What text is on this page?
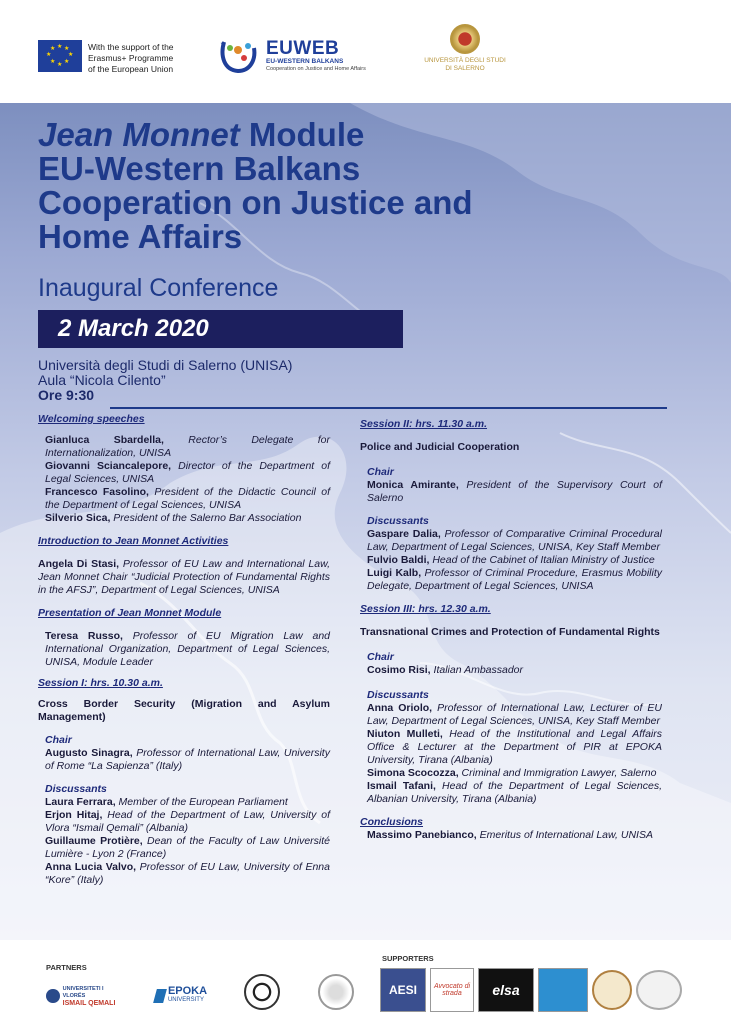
★ ★
★
★
★
★
★
★	With the support of the
Erasmus+ Programme
of the European Union
★ EUWEB
EU-WESTERN BALKANS
Cooperation on Justice and Home Affairs
UNIVERSITÀ DEGLI STUDI
DI SALERNO
Jean Monnet Module
EU-Western Balkans
Cooperation on Justice and
Home Affairs
Inaugural Conference
2 March 2020
Università degli Studi di Salerno (UNISA)
Aula “Nicola Cilento”
Ore 9:30
Welcoming speeches
Gianluca Sbardella, Rector’s Delegate for Internationalization, UNISA
Giovanni Sciancalepore, Director of the Department of Legal Sciences, UNISA
Francesco Fasolino, President of the Didactic Council of the Department of Legal Sciences, UNISA
Silverio Sica, President of the Salerno Bar Association
Introduction to Jean Monnet Activities
Angela Di Stasi, Professor of EU Law and International Law, Jean Monnet Chair “Judicial Protection of Fundamental Rights in the AFSJ”, Department of Legal Sciences, UNISA
Presentation of Jean Monnet Module
Teresa Russo, Professor of EU Migration Law and International Organization, Department of Legal Sciences, UNISA, Module Leader
Session I: hrs. 10.30 a.m.
Cross Border Security (Migration and Asylum Management)
Chair
Augusto Sinagra, Professor of International Law, University of Rome “La Sapienza” (Italy)
Discussants
Laura Ferrara, Member of the European Parliament
Erjon Hitaj, Head of the Department of Law, University of Vlora “Ismail Qemali” (Albania)
Guillaume Protière, Dean of the Faculty of Law Université Lumière - Lyon 2 (France)
Anna Lucia Valvo, Professor of EU Law, University of Enna “Kore” (Italy)
Session II: hrs. 11.30 a.m.
Police and Judicial Cooperation
Chair
Monica Amirante, President of the Supervisory Court of Salerno
Discussants
Gaspare Dalia, Professor of Comparative Criminal Procedural Law, Department of Legal Sciences, UNISA, Key Staff Member
Fulvio Baldi, Head of the Cabinet of Italian Ministry of Justice
Luigi Kalb, Professor of Criminal Procedure, Erasmus Mobility Delegate, Department of Legal Sciences, UNISA
Session III: hrs. 12.30 a.m.
Transnational Crimes and Protection of Fundamental Rights
Chair
Cosimo Risi, Italian Ambassador
Discussants
Anna Oriolo, Professor of International Law, Lecturer of EU Law, Department of Legal Sciences, UNISA, Key Staff Member
Niuton Mulleti, Head of the Institutional and Legal Affairs Office & Lecturer at the Department of PIR at EPOKA University, Tirana (Albania)
Simona Scocozza, Criminal and Immigration Lawyer, Salerno
Ismail Tafani, Head of the Department of Legal Sciences, Albanian University, Tirana (Albania)
Conclusions
Massimo Panebianco, Emeritus of International Law, UNISA
PARTNERS
SUPPORTERS
UNIVERSITETI I VLORËS
ISMAIL QEMALI
EPOKA
UNIVERSITY
AESI	Avvocato di strada	elsa
